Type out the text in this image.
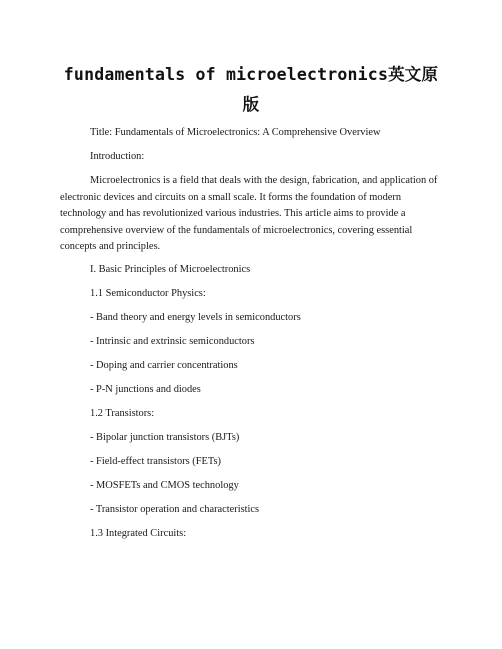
fundamentals of microelectronics英文原版

Title: Fundamentals of Microelectronics: A Comprehensive Overview

Introduction:

Microelectronics is a field that deals with the design, fabrication, and application of electronic devices and circuits on a small scale. It forms the foundation of modern technology and has revolutionized various industries. This article aims to provide a comprehensive overview of the fundamentals of microelectronics, covering essential concepts and principles.

I. Basic Principles of Microelectronics
1.1 Semiconductor Physics:
- Band theory and energy levels in semiconductors
- Intrinsic and extrinsic semiconductors
- Doping and carrier concentrations
- P-N junctions and diodes
1.2 Transistors:
- Bipolar junction transistors (BJTs)
- Field-effect transistors (FETs)
- MOSFETs and CMOS technology
- Transistor operation and characteristics
1.3 Integrated Circuits:
